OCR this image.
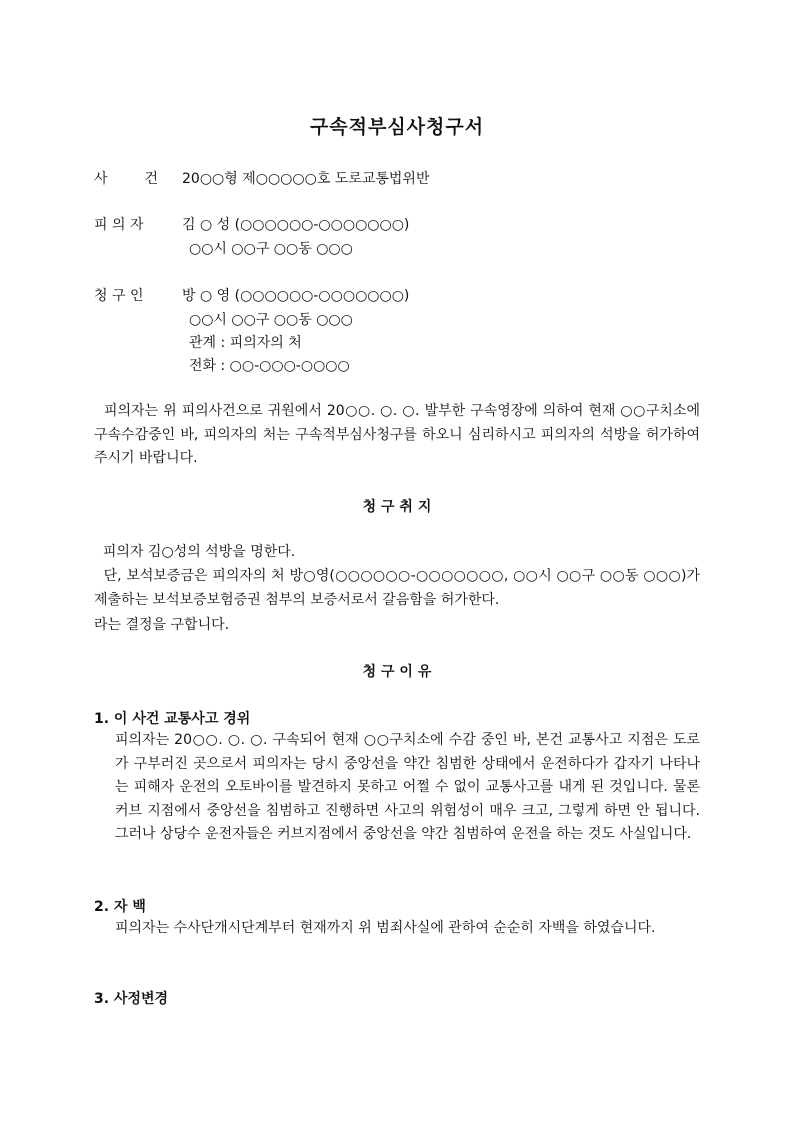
구속적부심사청구서
사 건 20○○형 제○○○○○호 도로교통법위반
피 의 자	김 ○ 성 (○○○○○○-○○○○○○○)
○○시 ○○구 ○○동 ○○○
청 구 인	방 ○ 영 (○○○○○○-○○○○○○○)
○○시 ○○구 ○○동 ○○○
관계 : 피의자의 처
전화 : ○○-○○○-○○○○
피의자는 위 피의사건으로 귀원에서 20○○. ○. ○. 발부한 구속영장에 의하여 현재 ○○구치소에 구속수감중인 바, 피의자의 처는 구속적부심사청구를 하오니 심리하시고 피의자의 석방을 허가하여 주시기 바랍니다.
청 구 취 지
피의자 김○성의 석방을 명한다.
단, 보석보증금은 피의자의 처 방○영(○○○○○○-○○○○○○○, ○○시 ○○구 ○○동 ○○○)가 제출하는 보석보증보험증권 첨부의 보증서로서 갈음함을 허가한다.
라는 결정을 구합니다.
청 구 이 유
1. 이 사건 교통사고 경위
피의자는 20○○. ○. ○. 구속되어 현재 ○○구치소에 수감 중인 바, 본건 교통사고 지점은 도로가 구부러진 곳으로서 피의자는 당시 중앙선을 약간 침범한 상태에서 운전하다가 갑자기 나타나는 피해자 운전의 오토바이를 발견하지 못하고 어쩔 수 없이 교통사고를 내게 된 것입니다. 물론 커브 지점에서 중앙선을 침범하고 진행하면 사고의 위험성이 매우 크고, 그렇게 하면 안 됩니다. 그러나 상당수 운전자들은 커브지점에서 중앙선을 약간 침범하여 운전을 하는 것도 사실입니다.
2. 자 백
피의자는 수사단개시단계부터 현재까지 위 범죄사실에 관하여 순순히 자백을 하였습니다.
3. 사정변경
